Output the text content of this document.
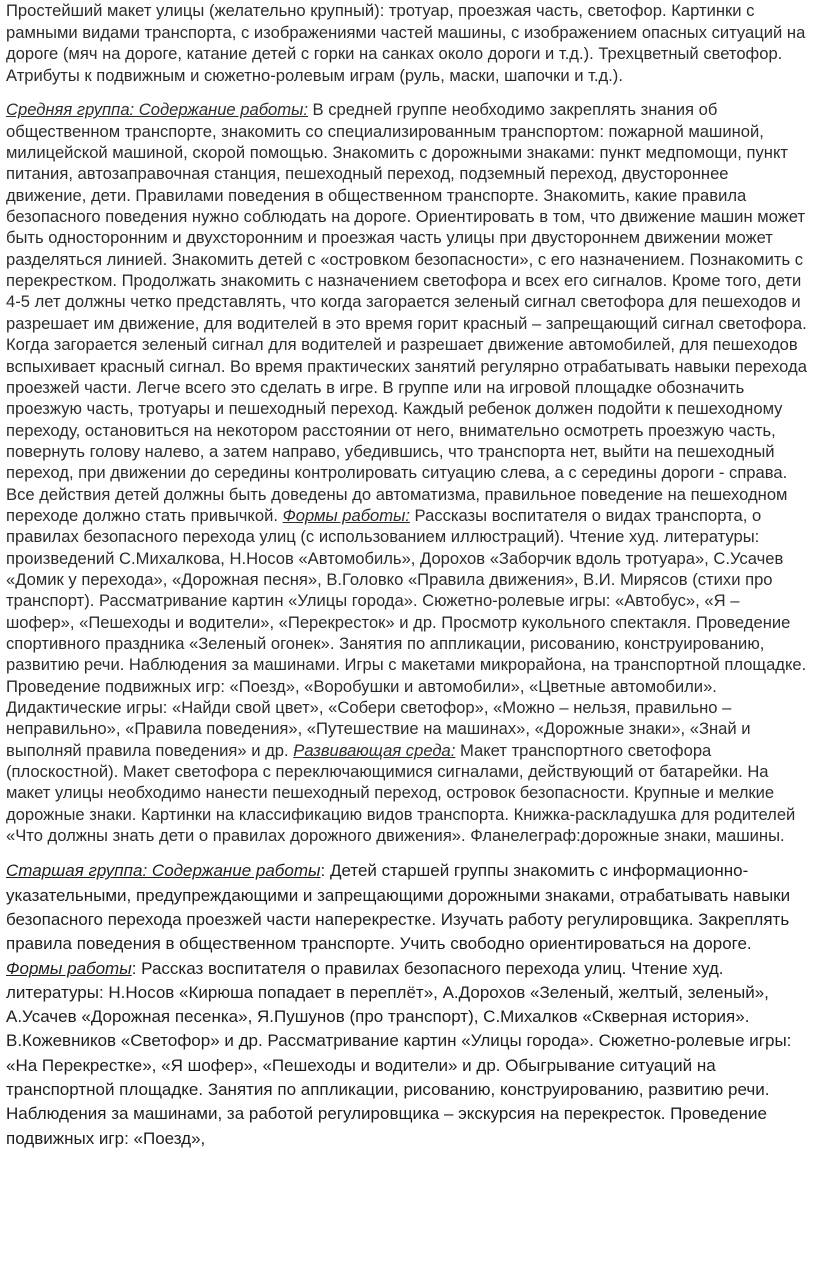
Простейший макет улицы (желательно крупный): тротуар, проезжая часть, светофор. Картинки с рамными видами транспорта, с изображениями частей машины, с изображением опасных ситуаций на дороге (мяч на дороге, катание детей с горки на санках около дороги и т.д.). Трехцветный светофор. Атрибуты к подвижным и сюжетно-ролевым играм (руль, маски, шапочки и т.д.).

Средняя группа: Содержание работы: В средней группе необходимо закреплять знания об общественном транспорте, знакомить со специализированным транспортом: пожарной машиной, милицейской машиной, скорой помощью. Знакомить с дорожными знаками: пункт медпомощи, пункт питания, автозаправочная станция, пешеходный переход, подземный переход, двустороннее движение, дети. Правилами поведения в общественном транспорте. Знакомить, какие правила безопасного поведения нужно соблюдать на дороге. Ориентировать в том, что движение машин может быть односторонним и двухсторонним и проезжая часть улицы при двустороннем движении может разделяться линией. Знакомить детей с «островком безопасности», с его назначением. Познакомить с перекрестком. Продолжать знакомить с назначением светофора и всех его сигналов. Кроме того, дети 4-5 лет должны четко представлять, что когда загорается зеленый сигнал светофора для пешеходов и разрешает им движение, для водителей в это время горит красный – запрещающий сигнал светофора. Когда загорается зеленый сигнал для водителей и разрешает движение автомобилей, для пешеходов вспыхивает красный сигнал. Во время практических занятий регулярно отрабатывать навыки перехода проезжей части. Легче всего это сделать в игре. В группе или на игровой площадке обозначить проезжую часть, тротуары и пешеходный переход. Каждый ребенок должен подойти к пешеходному переходу, остановиться на некотором расстоянии от него, внимательно осмотреть проезжую часть, повернуть голову налево, а затем направо, убедившись, что транспорта нет, выйти на пешеходный переход, при движении до середины контролировать ситуацию слева, а с середины дороги - справа. Все действия детей должны быть доведены до автоматизма, правильное поведение на пешеходном переходе должно стать привычкой. Формы работы: Рассказы воспитателя о видах транспорта, о правилах безопасного перехода улиц (с использованием иллюстраций). Чтение худ. литературы: произведений С.Михалкова, Н.Носов «Автомобиль», Дорохов «Заборчик вдоль тротуара», С.Усачев «Домик у перехода», «Дорожная песня», В.Головко «Правила движения», В.И. Мирясов (стихи про транспорт). Рассматривание картин «Улицы города». Сюжетно-ролевые игры: «Автобус», «Я – шофер», «Пешеходы и водители», «Перекресток» и др. Просмотр кукольного спектакля. Проведение спортивного праздника «Зеленый огонек». Занятия по аппликации, рисованию, конструированию, развитию речи. Наблюдения за машинами. Игры с макетами микрорайона, на транспортной площадке. Проведение подвижных игр: «Поезд», «Воробушки и автомобили», «Цветные автомобили». Дидактические игры: «Найди свой цвет», «Собери светофор», «Можно – нельзя, правильно – неправильно», «Правила поведения», «Путешествие на машинах», «Дорожные знаки», «Знай и выполняй правила поведения» и др. Развивающая среда: Макет транспортного светофора (плоскостной). Макет светофора с переключающимися сигналами, действующий от батарейки. На макет улицы необходимо нанести пешеходный переход, островок безопасности. Крупные и мелкие дорожные знаки. Картинки на классификацию видов транспорта. Книжка-раскладушка для родителей «Что должны знать дети о правилах дорожного движения». Фланелеграф:дорожные знаки, машины.

Старшая группа: Содержание работы: Детей старшей группы знакомить с информационно-указательными, предупреждающими и запрещающими дорожными знаками, отрабатывать навыки безопасного перехода проезжей части наперекрестке. Изучать работу регулировщика. Закреплять правила поведения в общественном транспорте. Учить свободно ориентироваться на дороге. Формы работы: Рассказ воспитателя о правилах безопасного перехода улиц. Чтение худ. литературы: Н.Носов «Кирюша попадает в переплёт», А.Дорохов «Зеленый, желтый, зеленый», А.Усачев «Дорожная песенка», Я.Пушунов (про транспорт), С.Михалков «Скверная история». В.Кожевников «Светофор» и др. Рассматривание картин «Улицы города». Сюжетно-ролевые игры: «На Перекрестке», «Я шофер», «Пешеходы и водители» и др. Обыгрывание ситуаций на транспортной площадке. Занятия по аппликации, рисованию, конструированию, развитию речи. Наблюдения за машинами, за работой регулировщика – экскурсия на перекресток. Проведение подвижных игр: «Поезд»,
